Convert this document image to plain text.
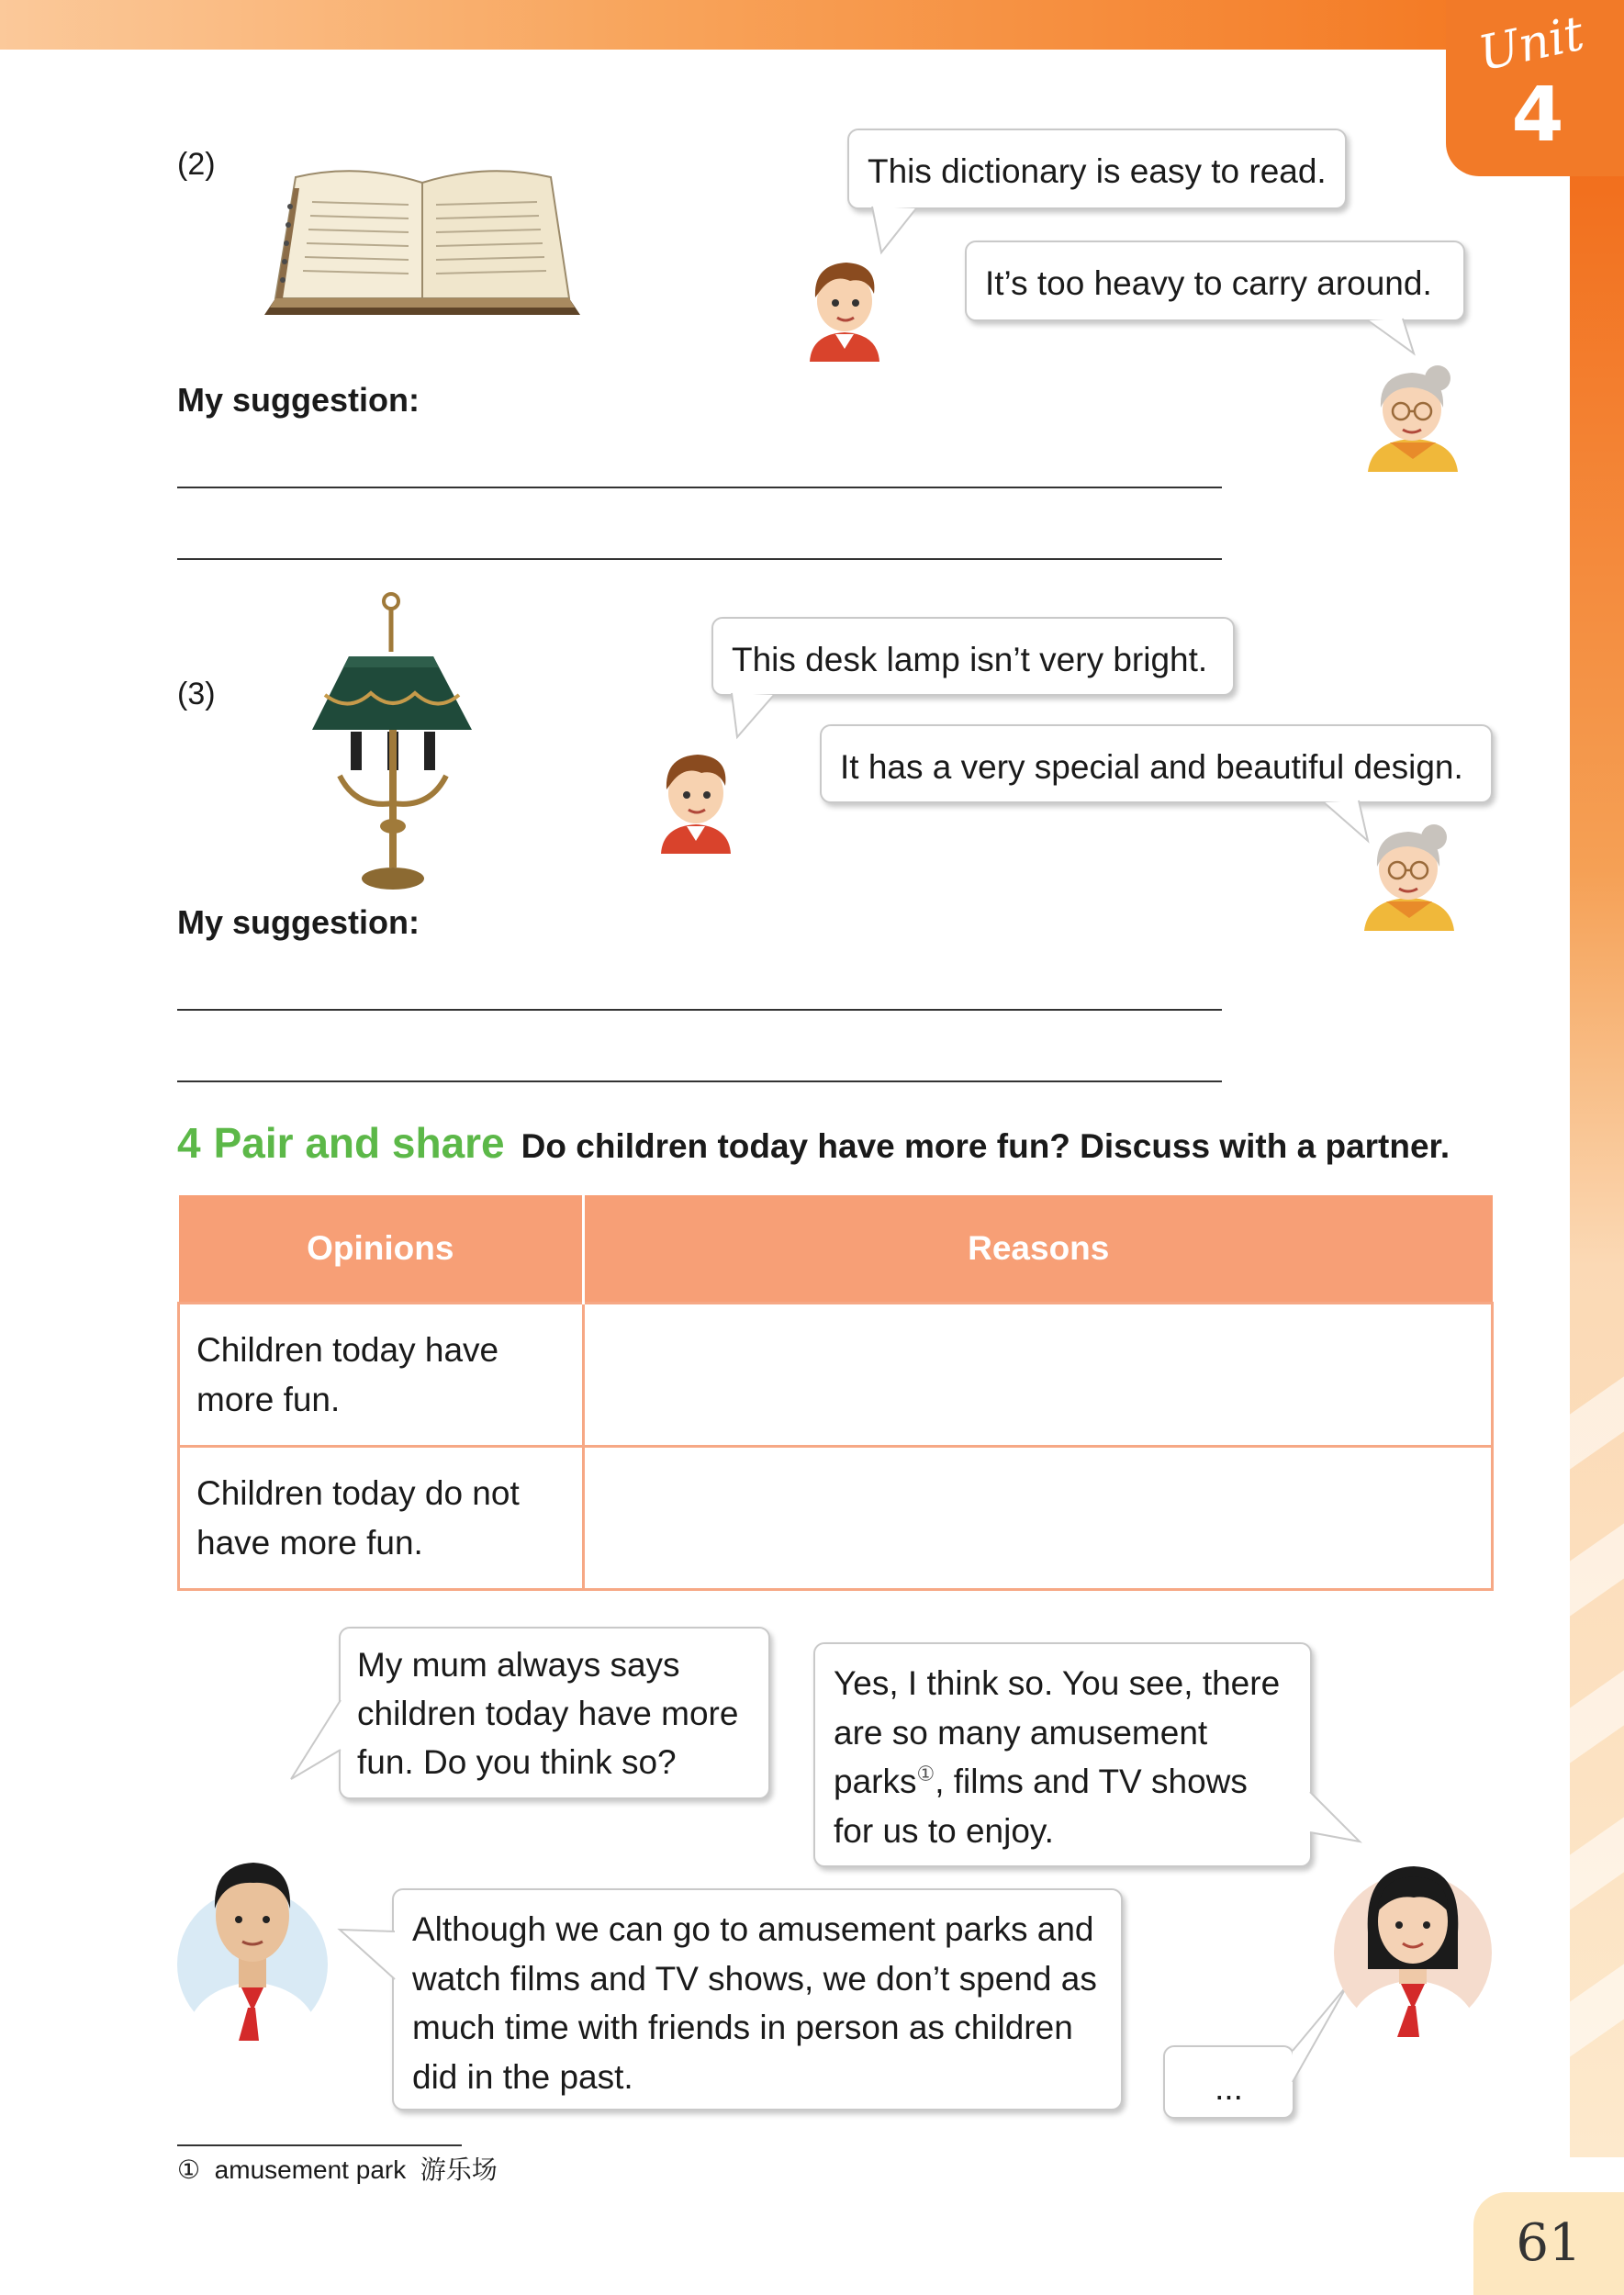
Unit
4
(2)	This dictionary is easy to read.
It’s too heavy to carry around.
My suggestion:
(3)
This desk lamp isn’t very bright.
It has a very special and beautiful design.
My suggestion:
4 Pair and share Do children today have more fun? Discuss with a partner.
Opinions	Reasons
Children today have more fun.	
Children today do not have more fun.	
My mum always says children today have more fun. Do you think so?
Yes, I think so. You see, there are so many amusement parks①, films and TV shows for us to enjoy.
Although we can go to amusement parks and watch films and TV shows, we don’t spend as much time with friends in person as children did in the past.	...
① amusement park 游乐场
61
